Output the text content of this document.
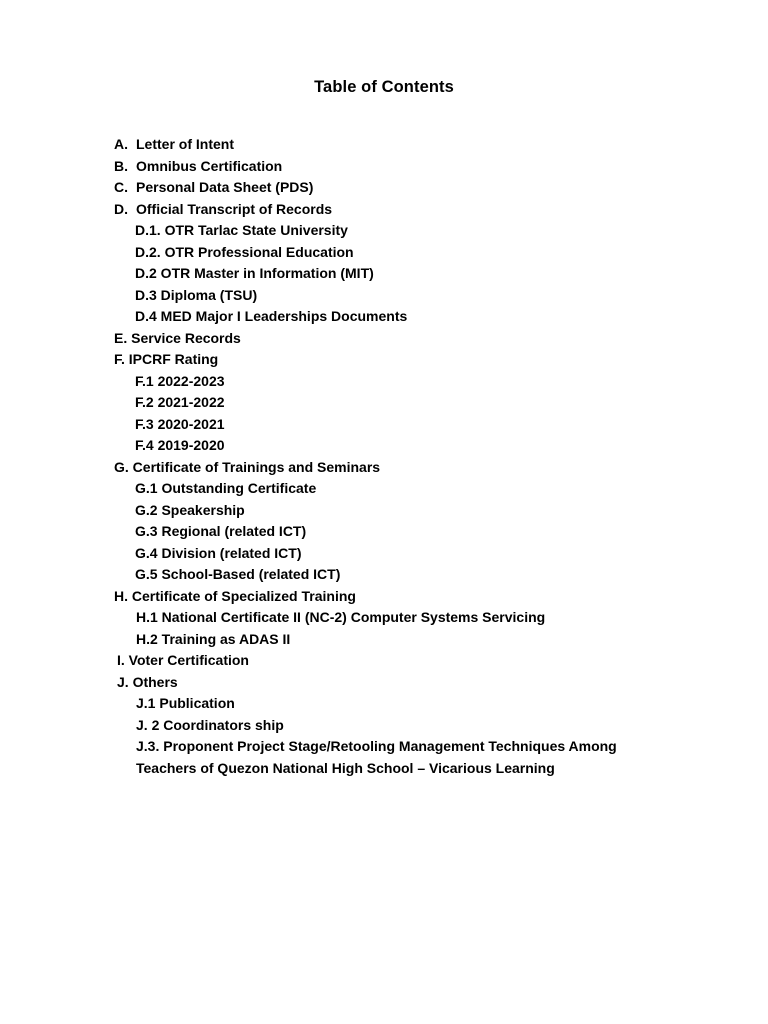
Table of Contents
A. Letter of Intent
B. Omnibus Certification
C. Personal Data Sheet (PDS)
D. Official Transcript of Records
D.1. OTR Tarlac State University
D.2. OTR Professional Education
D.2 OTR Master in Information (MIT)
D.3 Diploma (TSU)
D.4 MED Major I Leaderships Documents
E. Service Records
F. IPCRF Rating
F.1 2022-2023
F.2 2021-2022
F.3 2020-2021
F.4 2019-2020
G. Certificate of Trainings and Seminars
G.1 Outstanding Certificate
G.2 Speakership
G.3 Regional (related ICT)
G.4 Division (related ICT)
G.5 School-Based (related ICT)
H. Certificate of Specialized Training
H.1 National Certificate II (NC-2) Computer Systems Servicing
H.2 Training as ADAS II
I. Voter Certification
J. Others
J.1 Publication
J. 2 Coordinators ship
J.3. Proponent Project Stage/Retooling Management Techniques Among
Teachers of Quezon National High School – Vicarious Learning
